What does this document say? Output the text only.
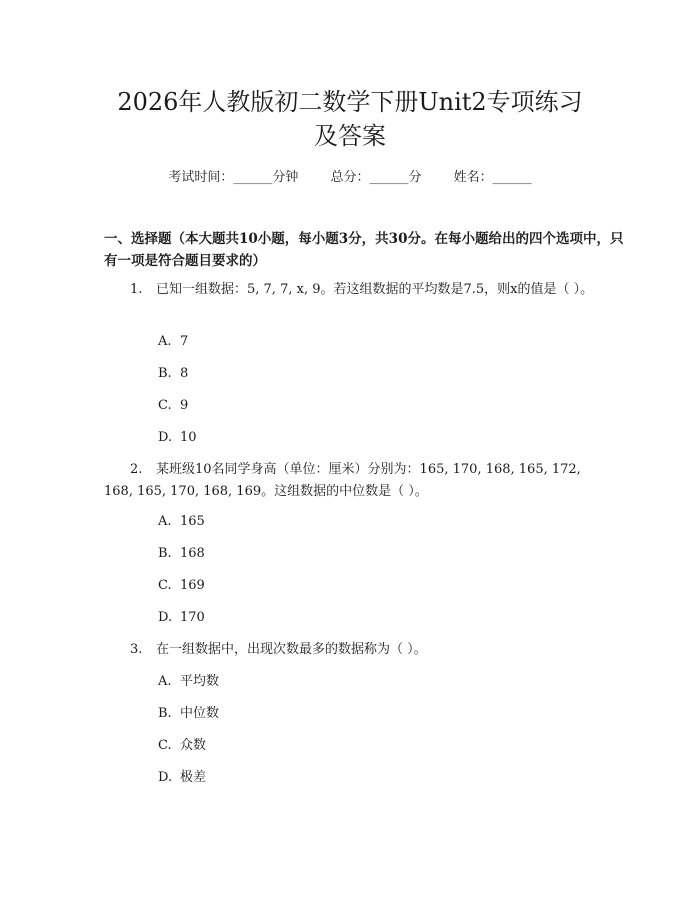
2026年人教版初二数学下册Unit2专项练习
及答案
考试时间：______分钟 总分：______分 姓名：______

一、选择题（本大题共10小题，每小题3分，共30分。在每小题给出的四个选项中，只有一项是符合题目要求的）

1. 已知一组数据：5, 7, 7, x, 9。若这组数据的平均数是7.5，则x的值是（ ）。

A. 7

B. 8

C. 9

D. 10

2. 某班级10名同学身高（单位：厘米）分别为：165, 170, 168, 165, 172, 168, 165, 170, 168, 169。这组数据的中位数是（ ）。

A. 165

B. 168

C. 169

D. 170

3. 在一组数据中，出现次数最多的数据称为（ ）。

A. 平均数

B. 中位数

C. 众数

D. 极差
